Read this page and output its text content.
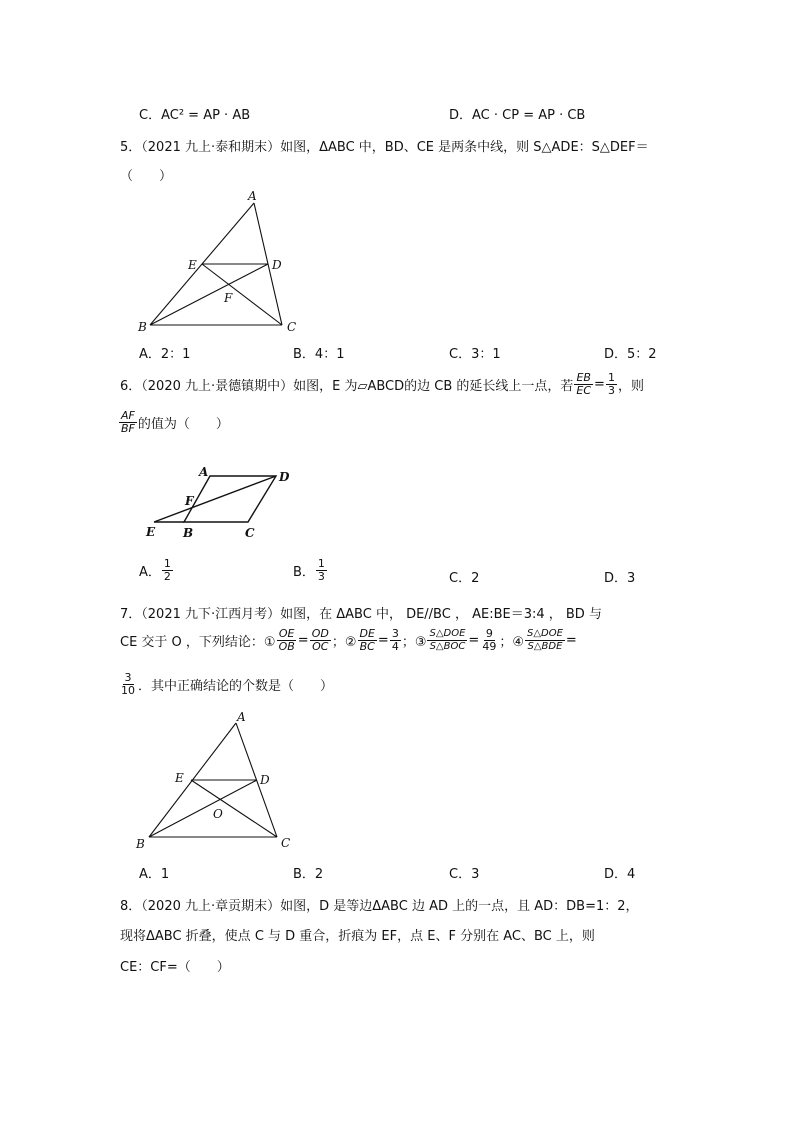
C．AC² = AP · AB	D．AC · CP = AP · CB
5．（2021 九上·泰和期末）如图，ΔABC 中，BD、CE 是两条中线，则 S△ADE：S△DEF＝
（　　）
A
B	C
D
E
F
A．2：1	B．4：1	C．3：1	D．5：2
6．（2020 九上·景德镇期中）如图，E 为▱ABCD的边 CB 的延长线上一点，若 $\frac{EB}{EC} = \frac{1}{3}$ ，则
$\frac{AF}{BF}$ 的值为（　　）
A	D
F
E B	C
A． $\frac{1}{2}$	B． $\frac{1}{3}$	C．2	D．3
7．（2021 九下·江西月考）如图，在 ΔABC 中， DE//BC ， AE:BE＝3:4 ， BD 与
CE 交于 O ，下列结论：① $\frac{OE}{OB} = \frac{OD}{OC}$ ；② $\frac{DE}{BC} = \frac{3}{4}$ ；③ $\frac{\text{S△DOE}}{\text{S△BOC}} = \frac{9}{49}$ ；④ $\frac{\text{S△DOE}}{\text{S△BDE}}$ =
$\frac{3}{10}$ ．其中正确结论的个数是（　　）
A
B	C
D
E
O
A．1	B．2	C．3	D．4
8．（2020 九上·章贡期末）如图，D 是等边ΔABC 边 AD 上的一点，且 AD：DB=1：2，
现将ΔABC 折叠，使点 C 与 D 重合，折痕为 EF，点 E、F 分别在 AC、BC 上，则
CE：CF=（　　）
